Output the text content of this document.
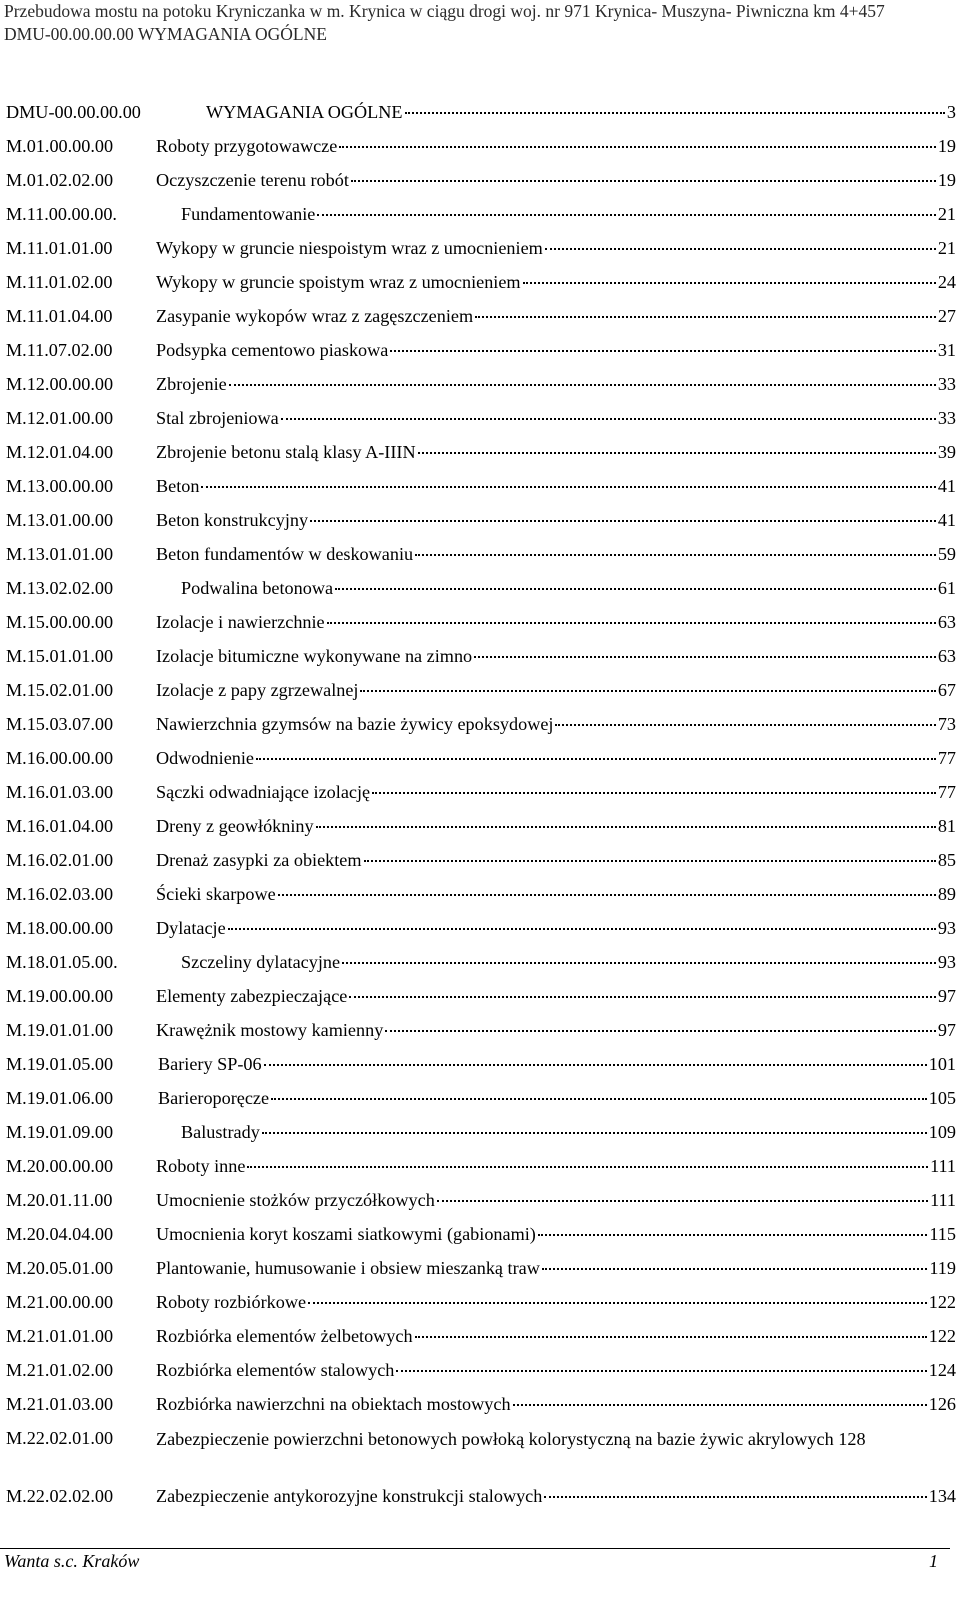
Przebudowa mostu na potoku Kryniczanka w m. Krynica w ciągu drogi woj. nr 971 Krynica- Muszyna- Piwniczna km 4+457
DMU-00.00.00.00 WYMAGANIA OGÓLNE
DMU-00.00.00.00	WYMAGANIA OGÓLNE	3
M.01.00.00.00 Roboty przygotowawcze	19
M.01.02.02.00 Oczyszczenie terenu robót	19
M.11.00.00.00.	Fundamentowanie	21
M.11.01.01.00 Wykopy w gruncie niespoistym wraz z umocnieniem	21
M.11.01.02.00 Wykopy w gruncie spoistym wraz z umocnieniem	24
M.11.01.04.00 Zasypanie wykopów wraz z zagęszczeniem	27
M.11.07.02.00 Podsypka cementowo piaskowa	31
M.12.00.00.00 Zbrojenie	33
M.12.01.00.00 Stal zbrojeniowa	33
M.12.01.04.00 Zbrojenie betonu stalą klasy A-IIIN	39
M.13.00.00.00 Beton	41
M.13.01.00.00 Beton konstrukcyjny	41
M.13.01.01.00 Beton fundamentów w deskowaniu	59
M.13.02.02.00	Podwalina betonowa	61
M.15.00.00.00 Izolacje i nawierzchnie	63
M.15.01.01.00 Izolacje bitumiczne wykonywane na zimno	63
M.15.02.01.00 Izolacje z papy zgrzewalnej	67
M.15.03.07.00 Nawierzchnia gzymsów na bazie żywicy epoksydowej	73
M.16.00.00.00 Odwodnienie	77
M.16.01.03.00 Sączki odwadniające izolację	77
M.16.01.04.00 Dreny z geowłókniny	81
M.16.02.01.00 Drenaż zasypki za obiektem	85
M.16.02.03.00 Ścieki skarpowe	89
M.18.00.00.00 Dylatacje	93
M.18.01.05.00.	Szczeliny dylatacyjne	93
M.19.00.00.00 Elementy zabezpieczające	97
M.19.01.01.00 Krawężnik mostowy kamienny	97
M.19.01.05.00 Bariery SP-06	101
M.19.01.06.00 Barieroporęcze	105
M.19.01.09.00	Balustrady	109
M.20.00.00.00 Roboty inne	111
M.20.01.11.00 Umocnienie stożków przyczółkowych	111
M.20.04.04.00 Umocnienia koryt koszami siatkowymi (gabionami)	115
M.20.05.01.00 Plantowanie, humusowanie i obsiew mieszanką traw	119
M.21.00.00.00 Roboty rozbiórkowe	122
M.21.01.01.00 Rozbiórka elementów żelbetowych	122
M.21.01.02.00 Rozbiórka elementów stalowych	124
M.21.01.03.00 Rozbiórka nawierzchni na obiektach mostowych	126
M.22.02.01.00 Zabezpieczenie powierzchni betonowych powłoką kolorystyczną na bazie żywic akrylowych 128
M.22.02.02.00 Zabezpieczenie antykorozyjne konstrukcji stalowych	134
Wanta s.c. Kraków	1
